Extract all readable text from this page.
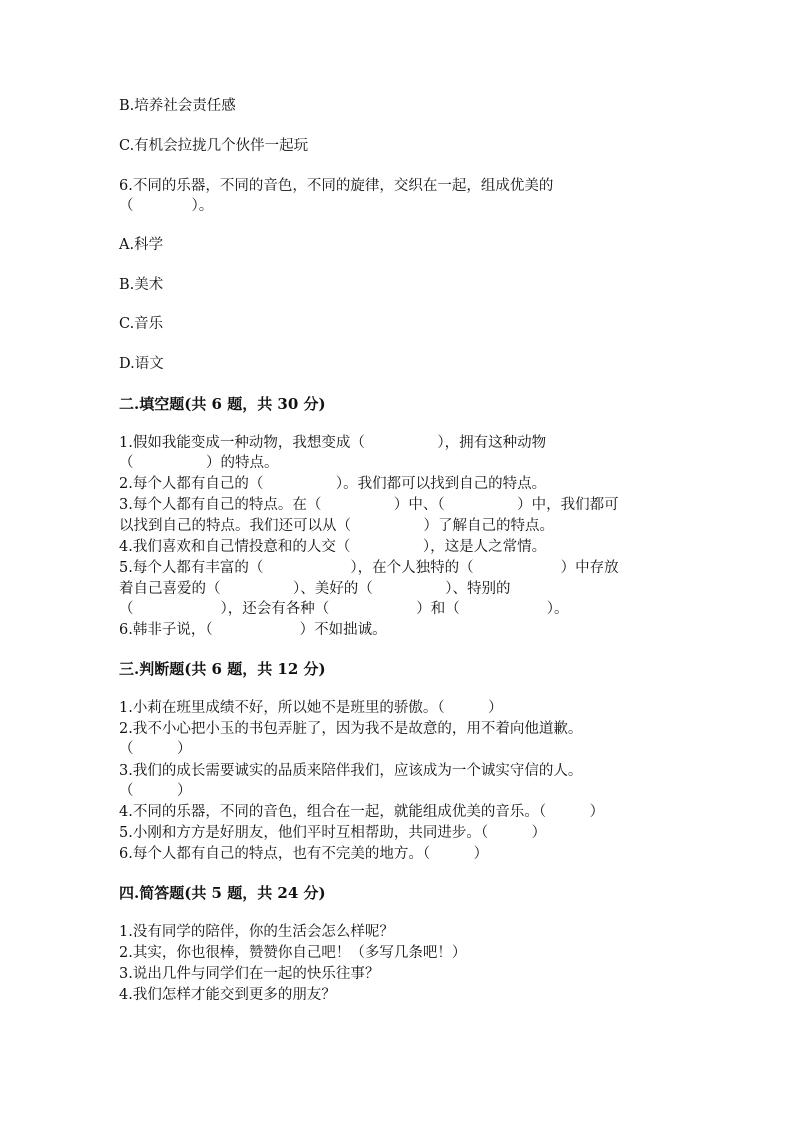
B.培养社会责任感
C.有机会拉拢几个伙伴一起玩
6.不同的乐器，不同的音色，不同的旋律，交织在一起，组成优美的
（　　　　）。
A.科学
B.美术
C.音乐
D.语文
二.填空题(共 6 题，共 30 分)
1.假如我能变成一种动物，我想变成（　　　　　），拥有这种动物
（　　　　　）的特点。
2.每个人都有自己的（　　　　　）。我们都可以找到自己的特点。
3.每个人都有自己的特点。在（　　　　　）中、（　　　　　）中，我们都可
以找到自己的特点。我们还可以从（　　　　　）了解自己的特点。
4.我们喜欢和自己情投意和的人交（　　　　　），这是人之常情。
5.每个人都有丰富的（　　　　　　），在个人独特的（　　　　　　）中存放
着自己喜爱的（　　　　　）、美好的（　　　　　）、特别的
（　　　　　　），还会有各种（　　　　　　）和（　　　　　　）。
6.韩非子说，（　　　　　　）不如拙诚。
三.判断题(共 6 题，共 12 分)
1.小莉在班里成绩不好，所以她不是班里的骄傲。（　　　）
2.我不小心把小玉的书包弄脏了，因为我不是故意的，用不着向他道歉。
（　　　）
3.我们的成长需要诚实的品质来陪伴我们，应该成为一个诚实守信的人。
（　　　）
4.不同的乐器，不同的音色，组合在一起，就能组成优美的音乐。（　　　）
5.小刚和方方是好朋友，他们平时互相帮助，共同进步。（　　　）
6.每个人都有自己的特点，也有不完美的地方。（　　　）
四.简答题(共 5 题，共 24 分)
1.没有同学的陪伴，你的生活会怎么样呢？
2.其实，你也很棒，赞赞你自己吧！（多写几条吧！）
3.说出几件与同学们在一起的快乐往事？
4.我们怎样才能交到更多的朋友？
